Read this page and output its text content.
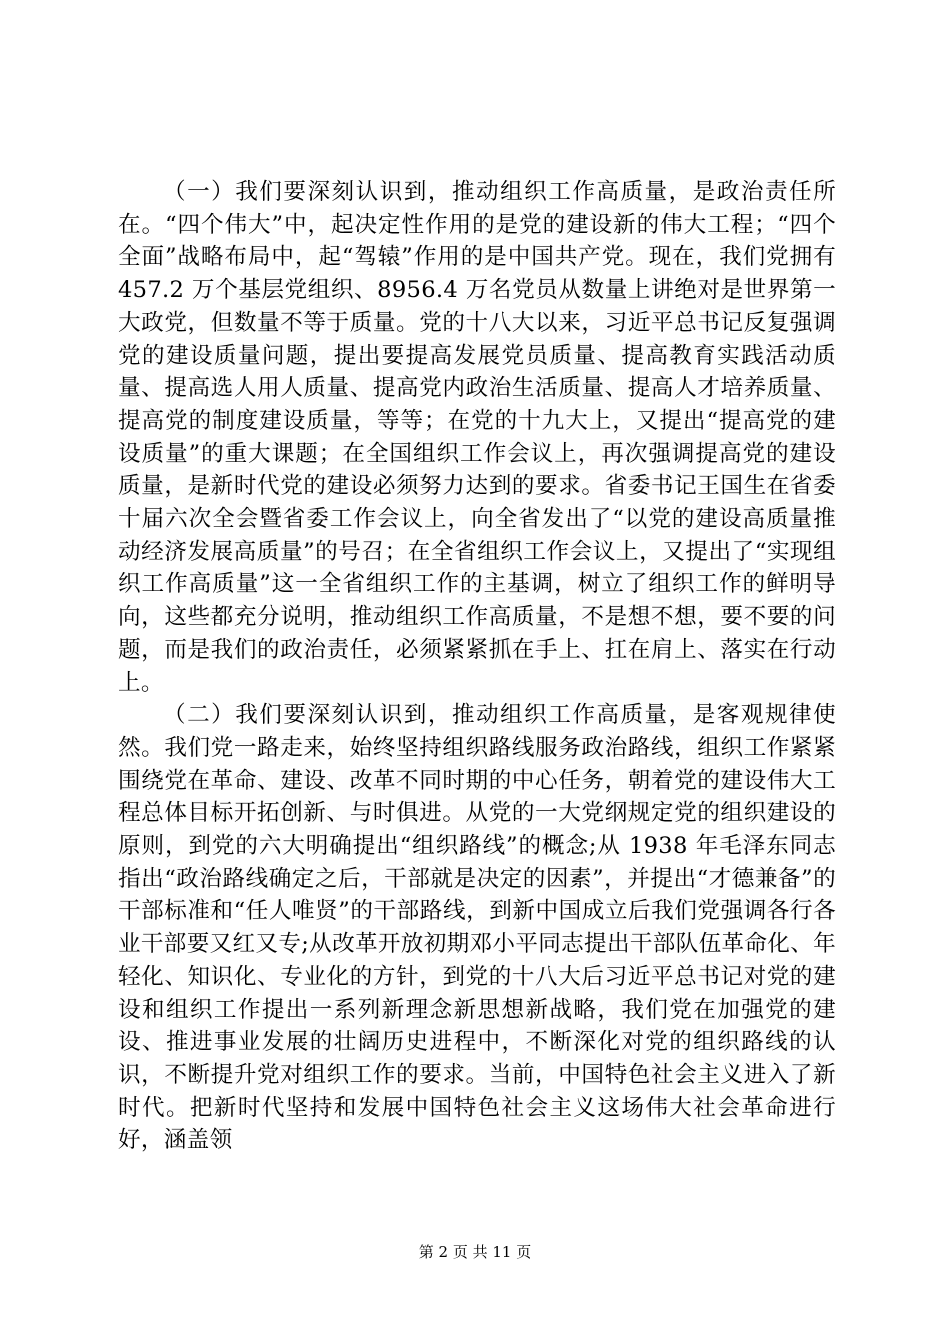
（一）我们要深刻认识到，推动组织工作高质量，是政治责任所在。“四个伟大”中，起决定性作用的是党的建设新的伟大工程；“四个全面”战略布局中，起“驾辕”作用的是中国共产党。现在，我们党拥有 457.2 万个基层党组织、8956.4 万名党员从数量上讲绝对是世界第一大政党，但数量不等于质量。党的十八大以来，习近平总书记反复强调党的建设质量问题，提出要提高发展党员质量、提高教育实践活动质量、提高选人用人质量、提高党内政治生活质量、提高人才培养质量、提高党的制度建设质量，等等；在党的十九大上，又提出“提高党的建设质量”的重大课题；在全国组织工作会议上，再次强调提高党的建设质量，是新时代党的建设必须努力达到的要求。省委书记王国生在省委十届六次全会暨省委工作会议上，向全省发出了“以党的建设高质量推动经济发展高质量”的号召；在全省组织工作会议上，又提出了“实现组织工作高质量”这一全省组织工作的主基调，树立了组织工作的鲜明导向，这些都充分说明，推动组织工作高质量，不是想不想，要不要的问题，而是我们的政治责任，必须紧紧抓在手上、扛在肩上、落实在行动上。

（二）我们要深刻认识到，推动组织工作高质量，是客观规律使然。我们党一路走来，始终坚持组织路线服务政治路线，组织工作紧紧围绕党在革命、建设、改革不同时期的中心任务，朝着党的建设伟大工程总体目标开拓创新、与时俱进。从党的一大党纲规定党的组织建设的原则，到党的六大明确提出“组织路线”的概念;从 1938 年毛泽东同志指出“政治路线确定之后，干部就是决定的因素”，并提出“才德兼备”的干部标准和“任人唯贤”的干部路线，到新中国成立后我们党强调各行各业干部要又红又专;从改革开放初期邓小平同志提出干部队伍革命化、年轻化、知识化、专业化的方针，到党的十八大后习近平总书记对党的建设和组织工作提出一系列新理念新思想新战略，我们党在加强党的建设、推进事业发展的壮阔历史进程中，不断深化对党的组织路线的认识，不断提升党对组织工作的要求。当前，中国特色社会主义进入了新时代。把新时代坚持和发展中国特色社会主义这场伟大社会革命进行好，涵盖领

第 2 页 共 11 页
